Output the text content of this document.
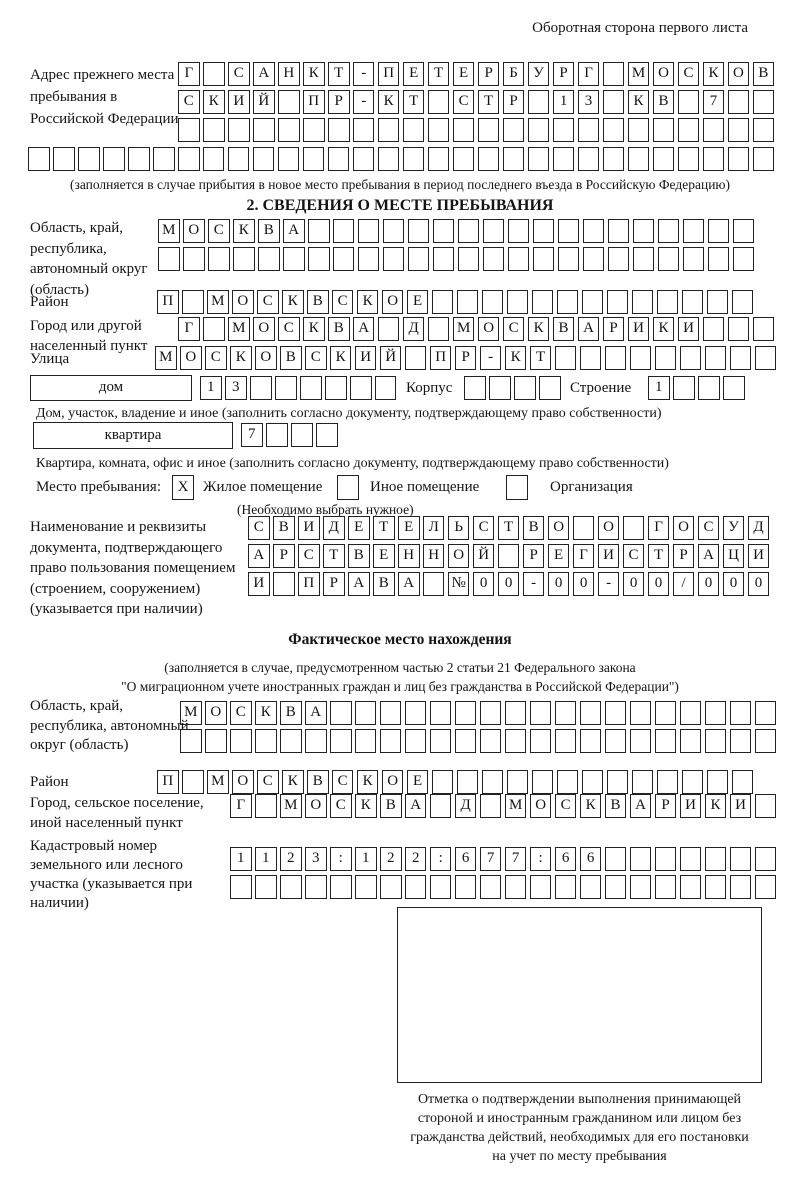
Оборотная сторона первого листа
Адрес прежнего места пребывания в Российской Федерации
Г	С А Н К Т - П Е Т Е Р Б У Р Г	М О С К О В
С К И Й	П Р - К Т	С Т Р	1 3	К В	7
(заполняется в случае прибытия в новое место пребывания в период последнего въезда в Российскую Федерацию)
2. СВЕДЕНИЯ О МЕСТЕ ПРЕБЫВАНИЯ
Область, край, республика, автономный округ (область)
М О С К В А
Район	П	М О С К В С К О Е
Город или другой населенный пункт
Г	М О С К В А	Д	М О С К В А Р И К И
Улица	М О С К О В С К И Й	П Р - К Т
дом	1 3	Корпус	Строение	1
Дом, участок, владение и иное (заполнить согласно документу, подтверждающему право собственности)
квартира	7
Квартира, комната, офис и иное (заполнить согласно документу, подтверждающему право собственности)
Место пребывания:	X Жилое помещение	Иное помещение	Организация
(Необходимо выбрать нужное)
Наименование и реквизиты документа, подтверждающего право пользования помещением (строением, сооружением) (указывается при наличии)
С В И Д Е Т Е Л Ь С Т В О	О	Г О С У Д
А Р С Т В Е Н Н О Й	Р Е Г И С Т Р А Ц И
И	П Р А В А № 0 0 - 0 0 - 0 0 / 0 0 0
Фактическое место нахождения
(заполняется в случае, предусмотренном частью 2 статьи 21 Федерального закона
"О миграционном учете иностранных граждан и лиц без гражданства в Российской Федерации")
Область, край, республика, автономный округ (область)
М О С К В А
Район	П	М О С К В С К О Е
Город, сельское поселение, иной населенный пункт
Г	М О С К В А	Д	М О С К В А Р И К И
Кадастровый номер земельного или лесного участка (указывается при наличии)
1 1 2 3 : 1 2 2 : 6 7 7 : 6 6
Отметка о подтверждении выполнения принимающей
стороной и иностранным гражданином или лицом без
гражданства действий, необходимых для его постановки
на учет по месту пребывания
